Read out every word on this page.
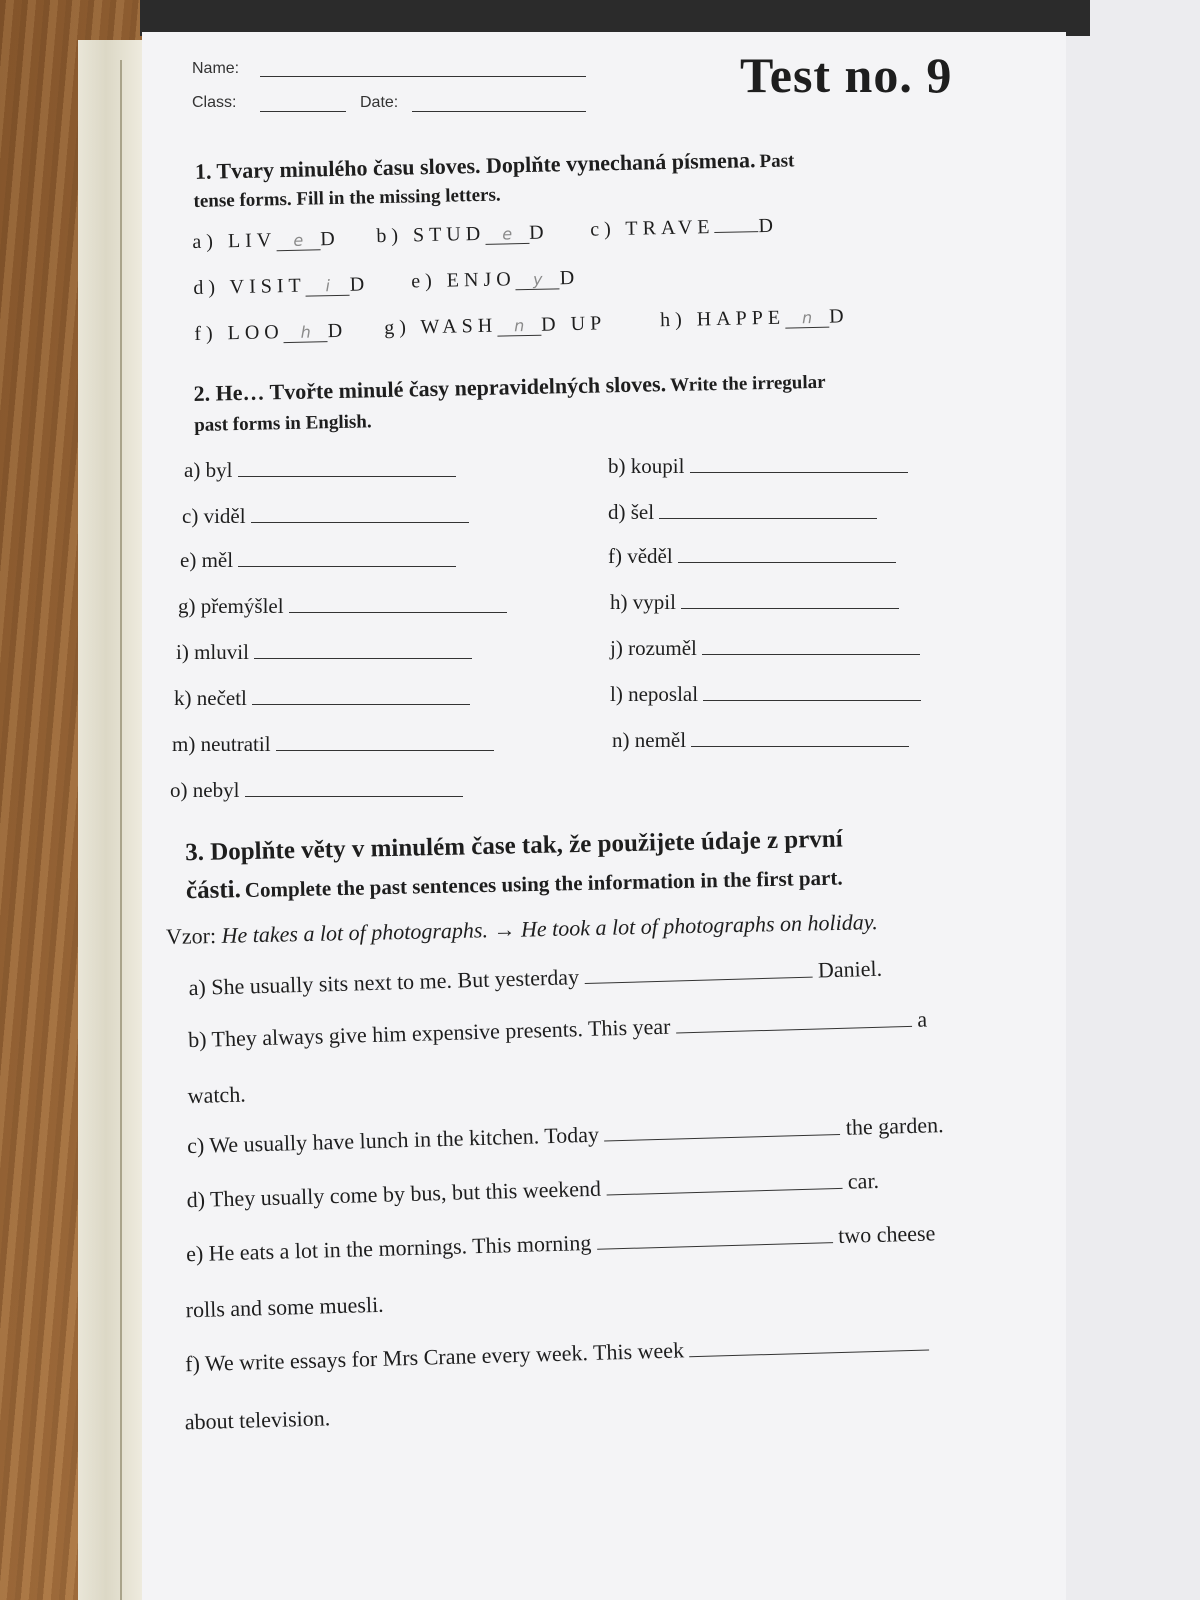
Name:
Class:	Date:	Test no. 9
1. Tvary minulého času sloves. Doplňte vynechaná písmena. Past
tense forms. Fill in the missing letters.
a) LIV e D b) STUD e D c) TRAVE D
d) VISIT i D e) ENJO y D
f) LOO h D g) WASH n D UP	h) HAPPE n D
2. He… Tvořte minulé časy nepravidelných sloves. Write the irregular
past forms in English.
a) byl	b) koupil
c) viděl	d) šel
e) měl	f) věděl
g) přemýšlel	h) vypil
i) mluvil	j) rozuměl
k) nečetl	l) neposlal
m) neutratil	n) neměl
o) nebyl
3. Doplňte věty v minulém čase tak, že použijete údaje z první
části. Complete the past sentences using the information in the first part.
Vzor: He takes a lot of photographs. → He took a lot of photographs on holiday.
a) She usually sits next to me. But yesterday	Daniel.
b) They always give him expensive presents. This year	a
watch.
c) We usually have lunch in the kitchen. Today	the garden.
d) They usually come by bus, but this weekend	car.
e) He eats a lot in the mornings. This morning	two cheese
rolls and some muesli.
f) We write essays for Mrs Crane every week. This week
about television.
